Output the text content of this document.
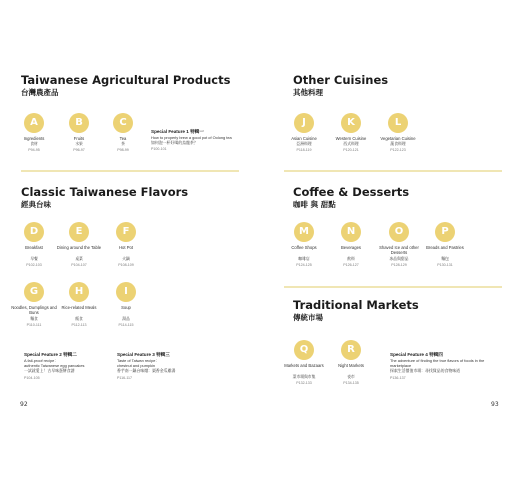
Taiwanese Agricultural Products
台灣農產品
A
Ingredients
食材
P94-95
B
Fruits
水果
P96-97
C
Tea
茶
P98-99
Special Feature 1 特輯一
How to properly brew a good pot of Oolong tea
如何泡一杯好喝的烏龍茶？
P100-101
Classic Taiwanese Flavors
經典台味
D
Breakfast
早餐
P102-103
E
Dining around the Table
桌菜
P104-107
F
Hot Pot
火鍋
P108-109
G
Noodles, Dumplings and Buns
麵食
P110-111
H
Rice-related Meals
飯食
P112-113
I
Soup
湯品
P114-115
Special Feature 2 特輯二
A fail-proof recipe：
authentic Taiwanese egg pancakes
一試就愛上！古早味蛋餅食譜
P104-105
Special Feature 3 特輯三
Taste of Taiwan recipe：
chestnut and pumpkin
香芋南一鍋台味燉：栗香金瓜雞湯
P116-117
92
Other Cuisines
其他料理
J
Asian Cuisine
亞洲料理
P118-119
K
Western Cuisine
西式料理
P120-121
L
Vegetarian Cuisine
蔬食料理
P122-123
Coffee & Desserts
咖啡 與 甜點
M
Coffee Shops
咖啡店
P124-125
N
Beverages
飲料
P126-127
O
Shaved Ice and other Desserts
冰品與甜品
P128-129
P
Breads and Pastries
麵包
P130-131
Traditional Markets
傳統市場
Q
Markets and Bazaars
菜市場與市集
P132-133
R
Night Markets
夜市
P134-135
Special Feature 4 特輯四
The adventure of finding the true flavors of foods in the marketplace
探索生活價值市場：尋找貨品的食物味道
P136-137
93
